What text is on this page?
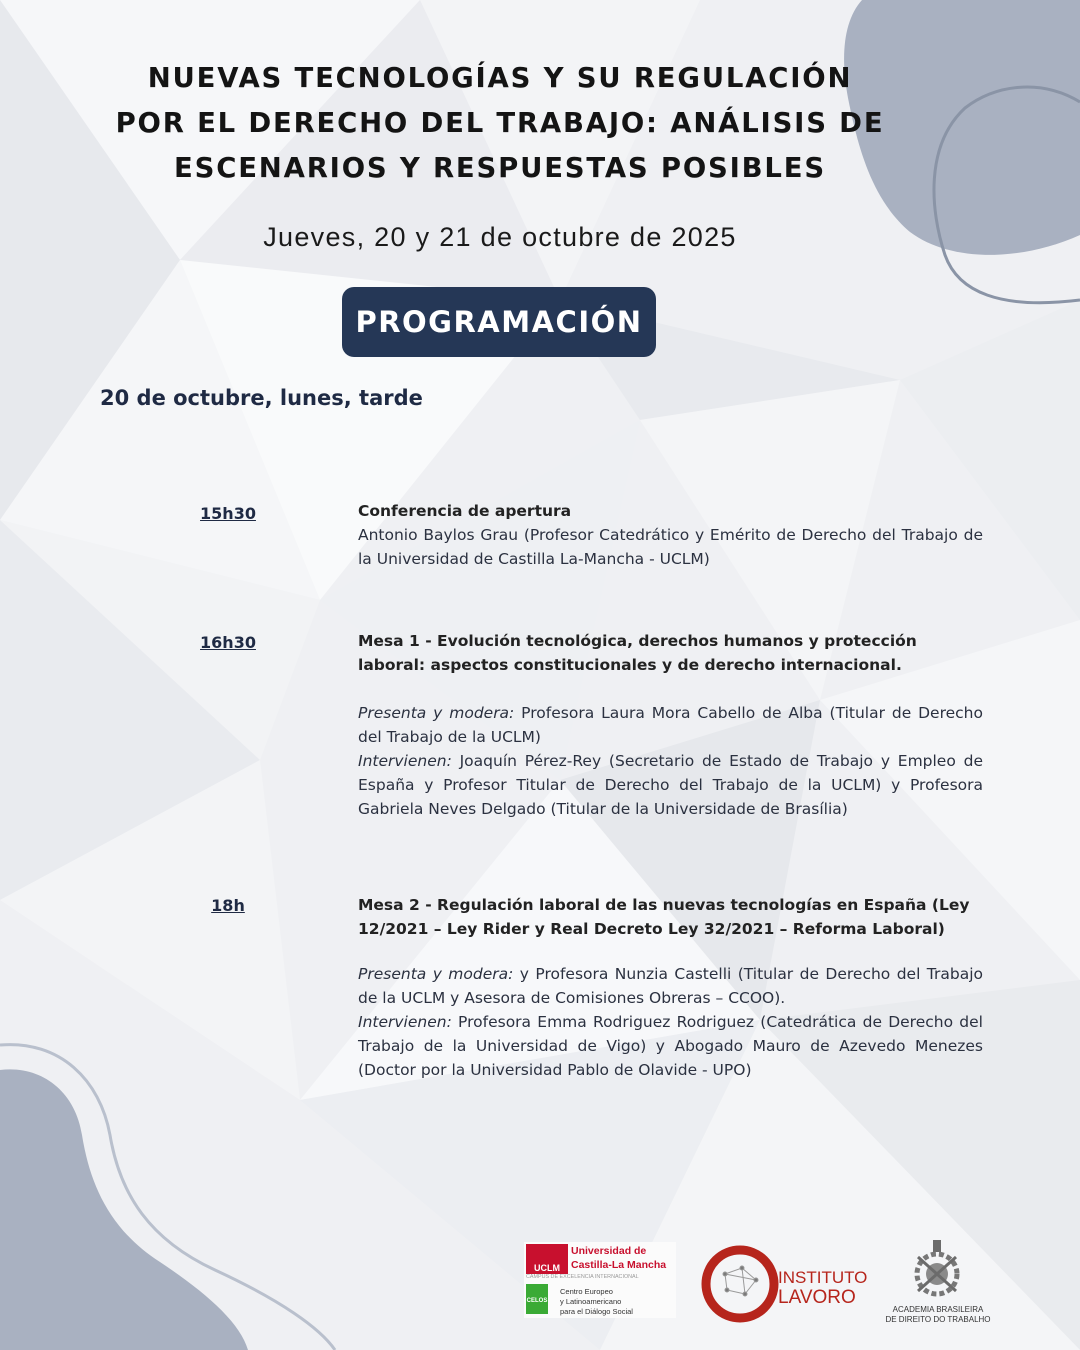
NUEVAS TECNOLOGÍAS Y SU REGULACIÓN
POR EL DERECHO DEL TRABAJO: ANÁLISIS DE
ESCENARIOS Y RESPUESTAS POSIBLES
Jueves, 20 y 21 de octubre de 2025
PROGRAMACIÓN
20 de octubre, lunes, tarde
15h30	Conferencia de apertura

Antonio Baylos Grau (Profesor Catedrático y Emérito de Derecho del Trabajo de la Universidad de Castilla La-Mancha - UCLM)

16h30	Mesa 1 - Evolución tecnológica, derechos humanos y protección laboral: aspectos constitucionales y de derecho internacional.

Presenta y modera: Profesora Laura Mora Cabello de Alba (Titular de Derecho del Trabajo de la UCLM)

Intervienen: Joaquín Pérez-Rey (Secretario de Estado de Trabajo y Empleo de España y Profesor Titular de Derecho del Trabajo de la UCLM) y Profesora Gabriela Neves Delgado (Titular de la Universidade de Brasília)

18h	Mesa 2 - Regulación laboral de las nuevas tecnologías en España (Ley 12/2021 – Ley Rider y Real Decreto Ley 32/2021 – Reforma Laboral)

Presenta y modera: y Profesora Nunzia Castelli (Titular de Derecho del Trabajo de la UCLM y Asesora de Comisiones Obreras – CCOO).

Intervienen: Profesora Emma Rodriguez Rodriguez (Catedrática de Derecho del Trabajo de la Universidad de Vigo) y Abogado Mauro de Azevedo Menezes (Doctor por la Universidad Pablo de Olavide - UPO)

UCLM
Universidad de
Castilla-La Mancha
CAMPUS DE EXCELENCIA INTERNACIONAL
CELOS
Centro Europeo
y Latinoamericano
para el Diálogo Social
INSTITUTO
LAVORO
ACADEMIA BRASILEIRA
DE DIREITO DO TRABALHO
